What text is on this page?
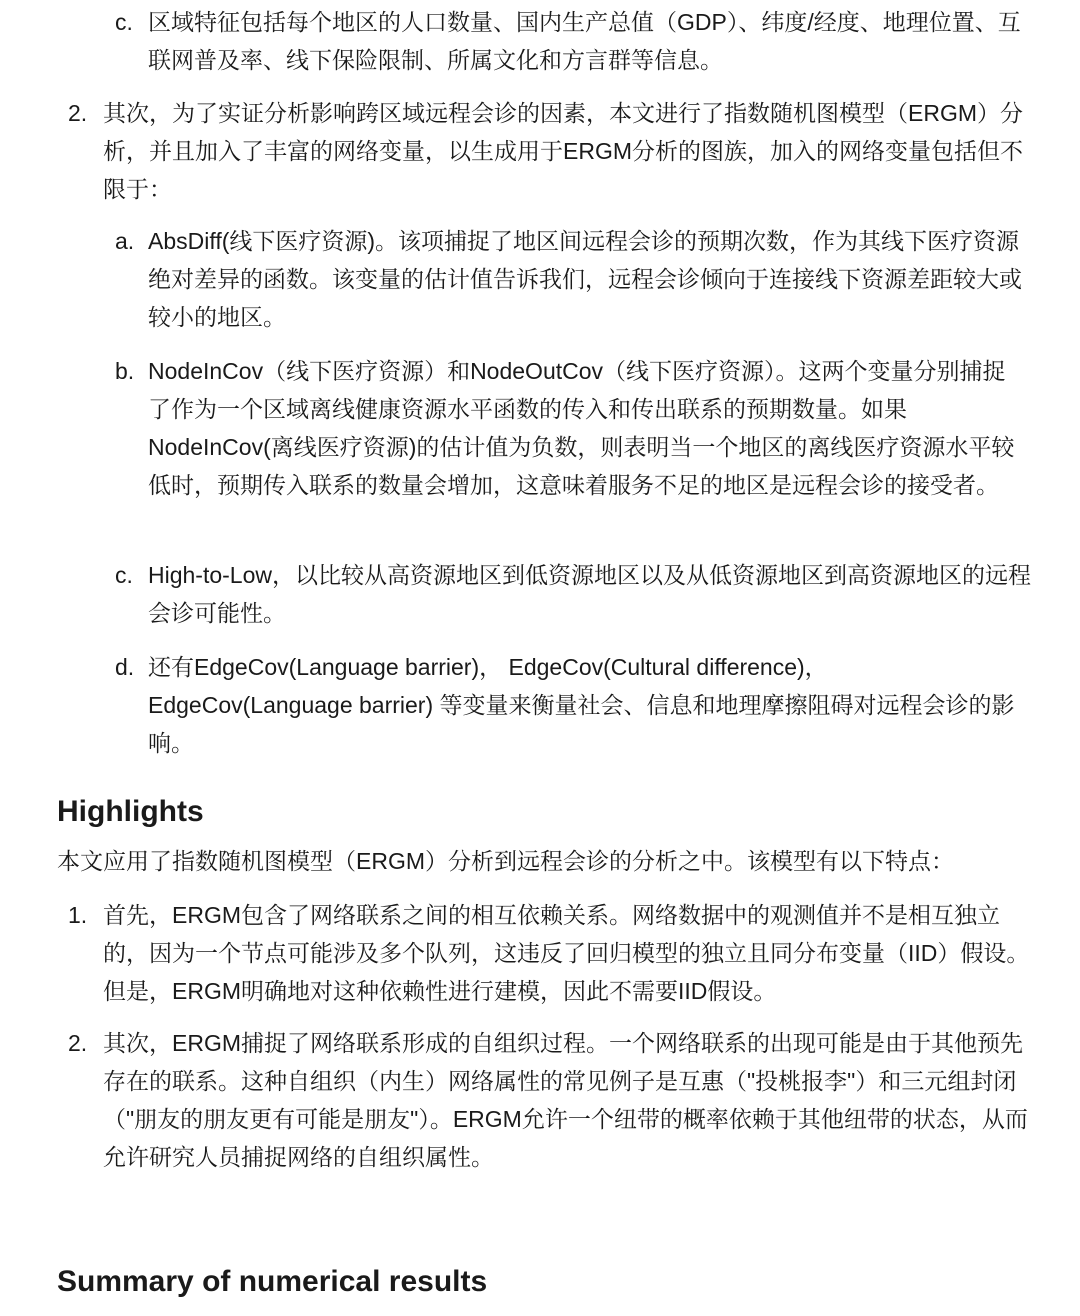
c. 区域特征包括每个地区的人口数量、国内生产总值（GDP）、纬度/经度、地理位置、互联网普及率、线下保险限制、所属文化和方言群等信息。
2. 其次，为了实证分析影响跨区域远程会诊的因素，本文进行了指数随机图模型（ERGM）分析，并且加入了丰富的网络变量，以生成用于ERGM分析的图族，加入的网络变量包括但不限于：
a. AbsDiff(线下医疗资源)。该项捕捉了地区间远程会诊的预期次数，作为其线下医疗资源绝对差异的函数。该变量的估计值告诉我们，远程会诊倾向于连接线下资源差距较大或较小的地区。
b. NodeInCov（线下医疗资源）和NodeOutCov（线下医疗资源）。这两个变量分别捕捉了作为一个区域离线健康资源水平函数的传入和传出联系的预期数量。如果NodeInCov(离线医疗资源)的估计值为负数，则表明当一个地区的离线医疗资源水平较低时，预期传入联系的数量会增加，这意味着服务不足的地区是远程会诊的接受者。
c. High-to-Low，以比较从高资源地区到低资源地区以及从低资源地区到高资源地区的远程会诊可能性。
d. 还有EdgeCov(Language barrier)， EdgeCov(Cultural difference)，EdgeCov(Language barrier) 等变量来衡量社会、信息和地理摩擦阻碍对远程会诊的影响。
Highlights

本文应用了指数随机图模型（ERGM）分析到远程会诊的分析之中。该模型有以下特点：

1. 首先，ERGM包含了网络联系之间的相互依赖关系。网络数据中的观测值并不是相互独立的，因为一个节点可能涉及多个队列，这违反了回归模型的独立且同分布变量（IID）假设。但是，ERGM明确地对这种依赖性进行建模，因此不需要IID假设。
2. 其次，ERGM捕捉了网络联系形成的自组织过程。一个网络联系的出现可能是由于其他预先存在的联系。这种自组织（内生）网络属性的常见例子是互惠（"投桃报李"）和三元组封闭（"朋友的朋友更有可能是朋友"）。ERGM允许一个纽带的概率依赖于其他纽带的状态，从而允许研究人员捕捉网络的自组织属性。
Summary of numerical results
